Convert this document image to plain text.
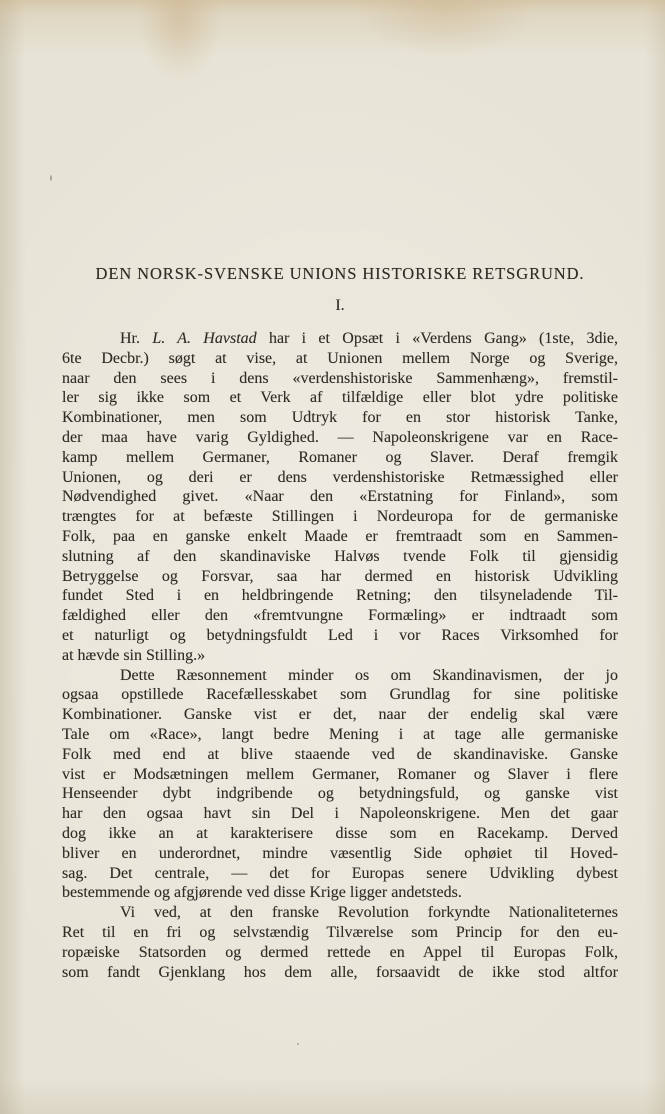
DEN NORSK-SVENSKE UNIONS HISTORISKE RETSGRUND.
I.

Hr. L. A. Havstad har i et Opsæt i «Verdens Gang» (1ste, 3die,
6te Decbr.) søgt at vise, at Unionen mellem Norge og Sverige,
naar den sees i dens «verdenshistoriske Sammenhæng», fremstil-
ler sig ikke som et Verk af tilfældige eller blot ydre politiske
Kombinationer, men som Udtryk for en stor historisk Tanke,
der maa have varig Gyldighed. — Napoleonskrigene var en Race-
kamp mellem Germaner, Romaner og Slaver. Deraf fremgik
Unionen, og deri er dens verdenshistoriske Retmæssighed eller
Nødvendighed givet. «Naar den «Erstatning for Finland», som
trængtes for at befæste Stillingen i Nordeuropa for de germaniske
Folk, paa en ganske enkelt Maade er fremtraadt som en Sammen-
slutning af den skandinaviske Halvøs tvende Folk til gjensidig
Betryggelse og Forsvar, saa har dermed en historisk Udvikling
fundet Sted i en heldbringende Retning; den tilsyneladende Til-
fældighed eller den «fremtvungne Formæling» er indtraadt som
et naturligt og betydningsfuldt Led i vor Races Virksomhed for
at hævde sin Stilling.»

Dette Ræsonnement minder os om Skandinavismen, der jo
ogsaa opstillede Racefællesskabet som Grundlag for sine politiske
Kombinationer. Ganske vist er det, naar der endelig skal være
Tale om «Race», langt bedre Mening i at tage alle germaniske
Folk med end at blive staaende ved de skandinaviske. Ganske
vist er Modsætningen mellem Germaner, Romaner og Slaver i flere
Henseender dybt indgribende og betydningsfuld, og ganske vist
har den ogsaa havt sin Del i Napoleonskrigene. Men det gaar
dog ikke an at karakterisere disse som en Racekamp. Derved
bliver en underordnet, mindre væsentlig Side ophøiet til Hoved-
sag. Det centrale, — det for Europas senere Udvikling dybest
bestemmende og afgjørende ved disse Krige ligger andetsteds.

Vi ved, at den franske Revolution forkyndte Nationaliteternes
Ret til en fri og selvstændig Tilværelse som Princip for den eu-
ropæiske Statsorden og dermed rettede en Appel til Europas Folk,
som fandt Gjenklang hos dem alle, forsaavidt de ikke stod altfor
